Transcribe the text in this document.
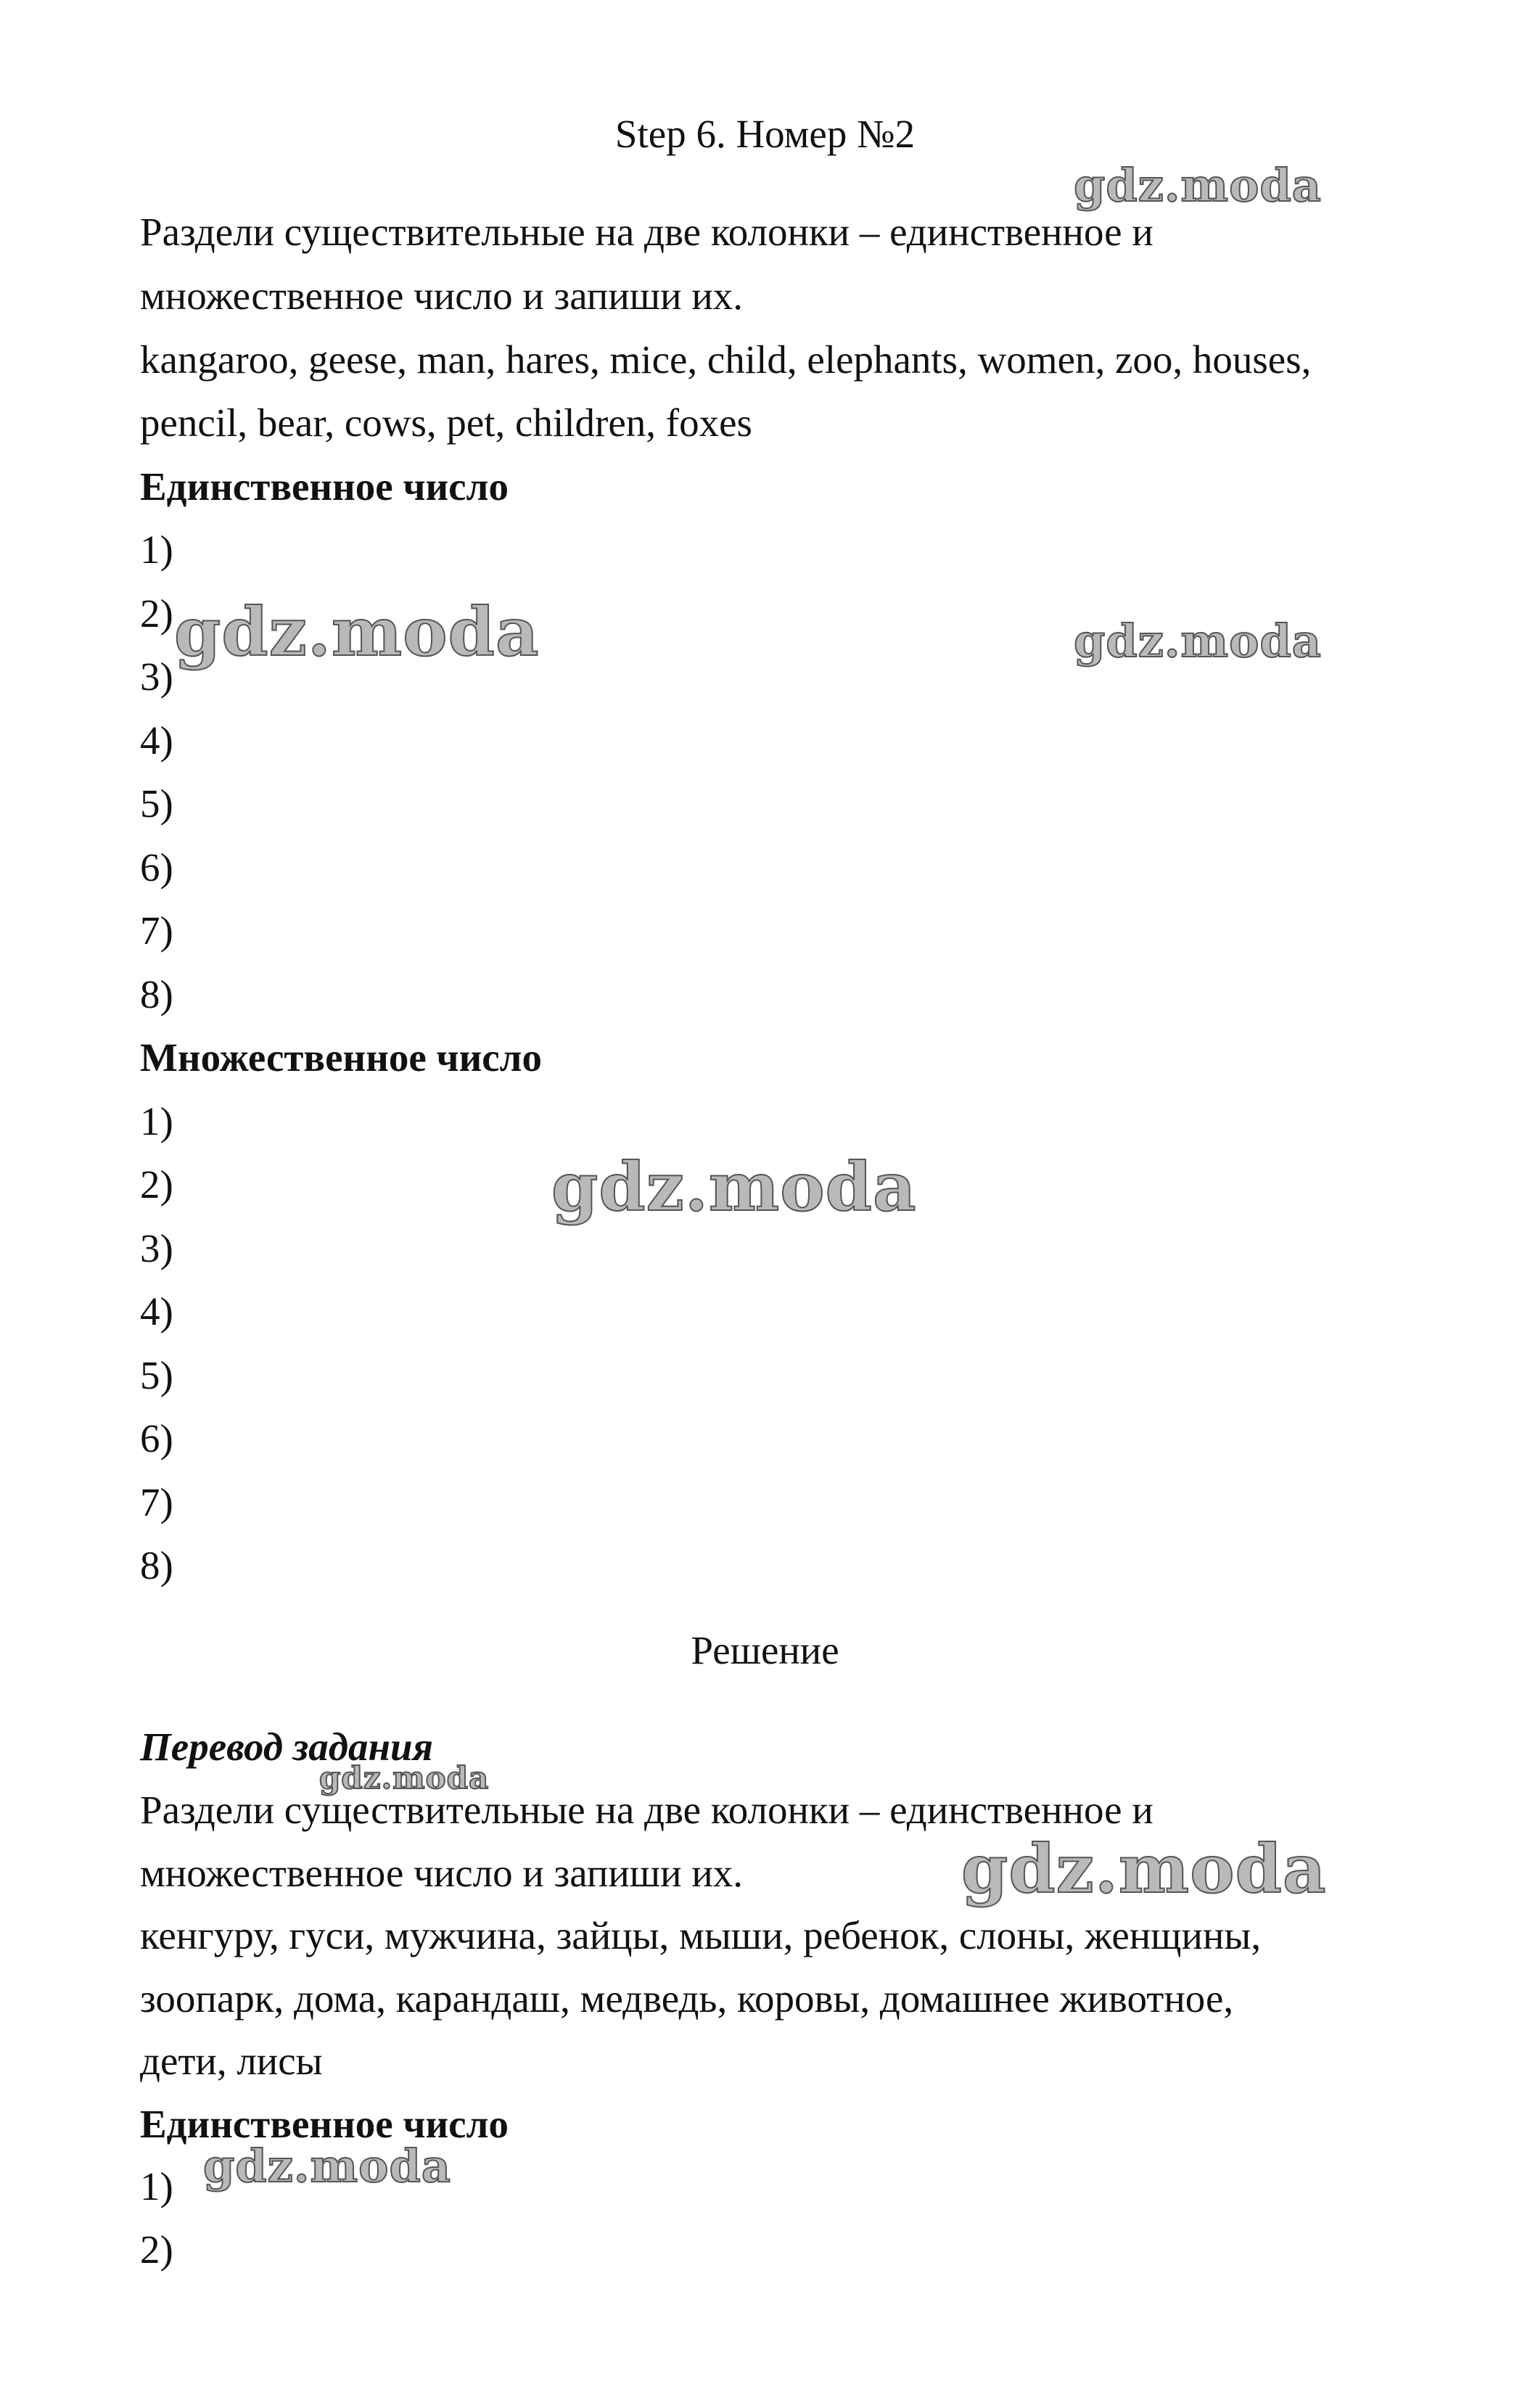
Step 6. Номер №2
Раздели существительные на две колонки – единственное и
множественное число и запиши их.
kangaroo, geese, man, hares, mice, child, elephants, women, zoo, houses,
pencil, bear, cows, pet, children, foxes
Единственное число
1)
2)
3)
4)
5)
6)
7)
8)
Множественное число
1)
2)
3)
4)
5)
6)
7)
8)
Решение
Перевод задания
Раздели существительные на две колонки – единственное и
множественное число и запиши их.
кенгуру, гуси, мужчина, зайцы, мыши, ребенок, слоны, женщины,
зоопарк, дома, карандаш, медведь, коровы, домашнее животное,
дети, лисы
Единственное число
1)
2)
gdz.moda
gdz.moda	gdz.moda
gdz.moda
gdz.moda
gdz.moda
gdz.moda
